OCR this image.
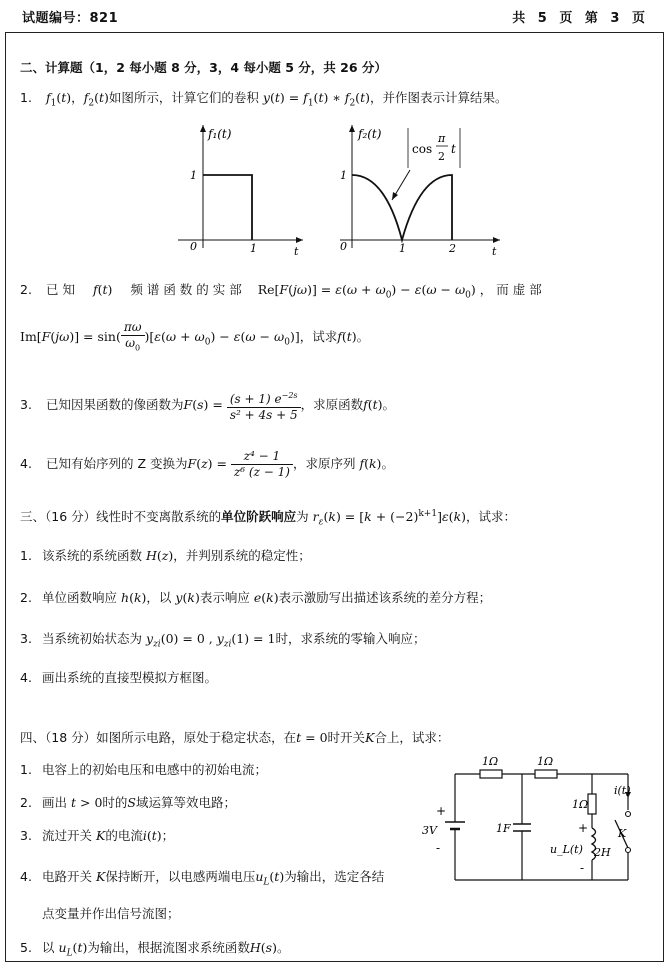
试题编号：821	共 5 页 第 3 页
二、计算题（1，2 每小题 8 分，3，4 每小题 5 分，共 26 分）
1. $f_1(t)$，$f_2(t)$如图所示，计算它们的卷积 $y(t) = f_1(t)$ ∗ $f_2(t)$，并作图表示计算结果。
f₁(t)
1
0	1	t
cos
π
2
t
f₂(t)
1
0	1	2	t
2. 已 知 f(t) 频 谱 函 数 的 实 部 $Re[F(j\omega)] = \varepsilon(\omega + \omega_0) - \varepsilon(\omega - \omega_0)$ ， 而 虚 部
$Im[F(j\omega)] = \sin( \frac{\pi\omega}{\omega_0} )[\varepsilon(\omega + \omega_0) - \varepsilon(\omega - \omega_0)]$，试求f(t)。
3. 已知因果函数的像函数为$F(s) = \frac{(s + 1) e^{-2s}}{\text{s² + 4s + 5}}$ ，求原函数f(t)。
4. 已知有始序列的 Z 变换为$F(z) = \frac{\text{z⁴ − 1}}{\text{z⁶ (z − 1)}}$ ，求原序列 f(k)。
三、（16 分）线性时不变离散系统的单位阶跃响应为 $r_\varepsilon(k) = [k + (-2)^{k+1}]\varepsilon(k)$，试求：
1. 该系统的系统函数 H(z)，并判别系统的稳定性；
2. 单位函数响应 h(k)，以 y(k)表示响应 e(k)表示激励写出描述该系统的差分方程；
3. 当系统初始状态为 $y_{zi}(0) = 0$ , $y_{zi}(1) = 1$时，求系统的零输入响应；
4. 画出系统的直接型模拟方框图。
四、（18 分）如图所示电路，原处于稳定状态，在t = 0时开关K合上，试求：
1. 电容上的初始电压和电感中的初始电流；
2. 画出 t > 0时的S域运算等效电路；
3. 流过开关 K的电流i(t)；
4. 电路开关 K保持断开，以电感两端电压$u_L(t)$为输出，选定各结
点变量并作出信号流图；
5. 以 $u_L(t)$为输出，根据流图求系统函数H(s)。
1Ω	1Ω
1Ω
+
-
3V	1F
2H
+
-
u_L(t)
i(t)
K
